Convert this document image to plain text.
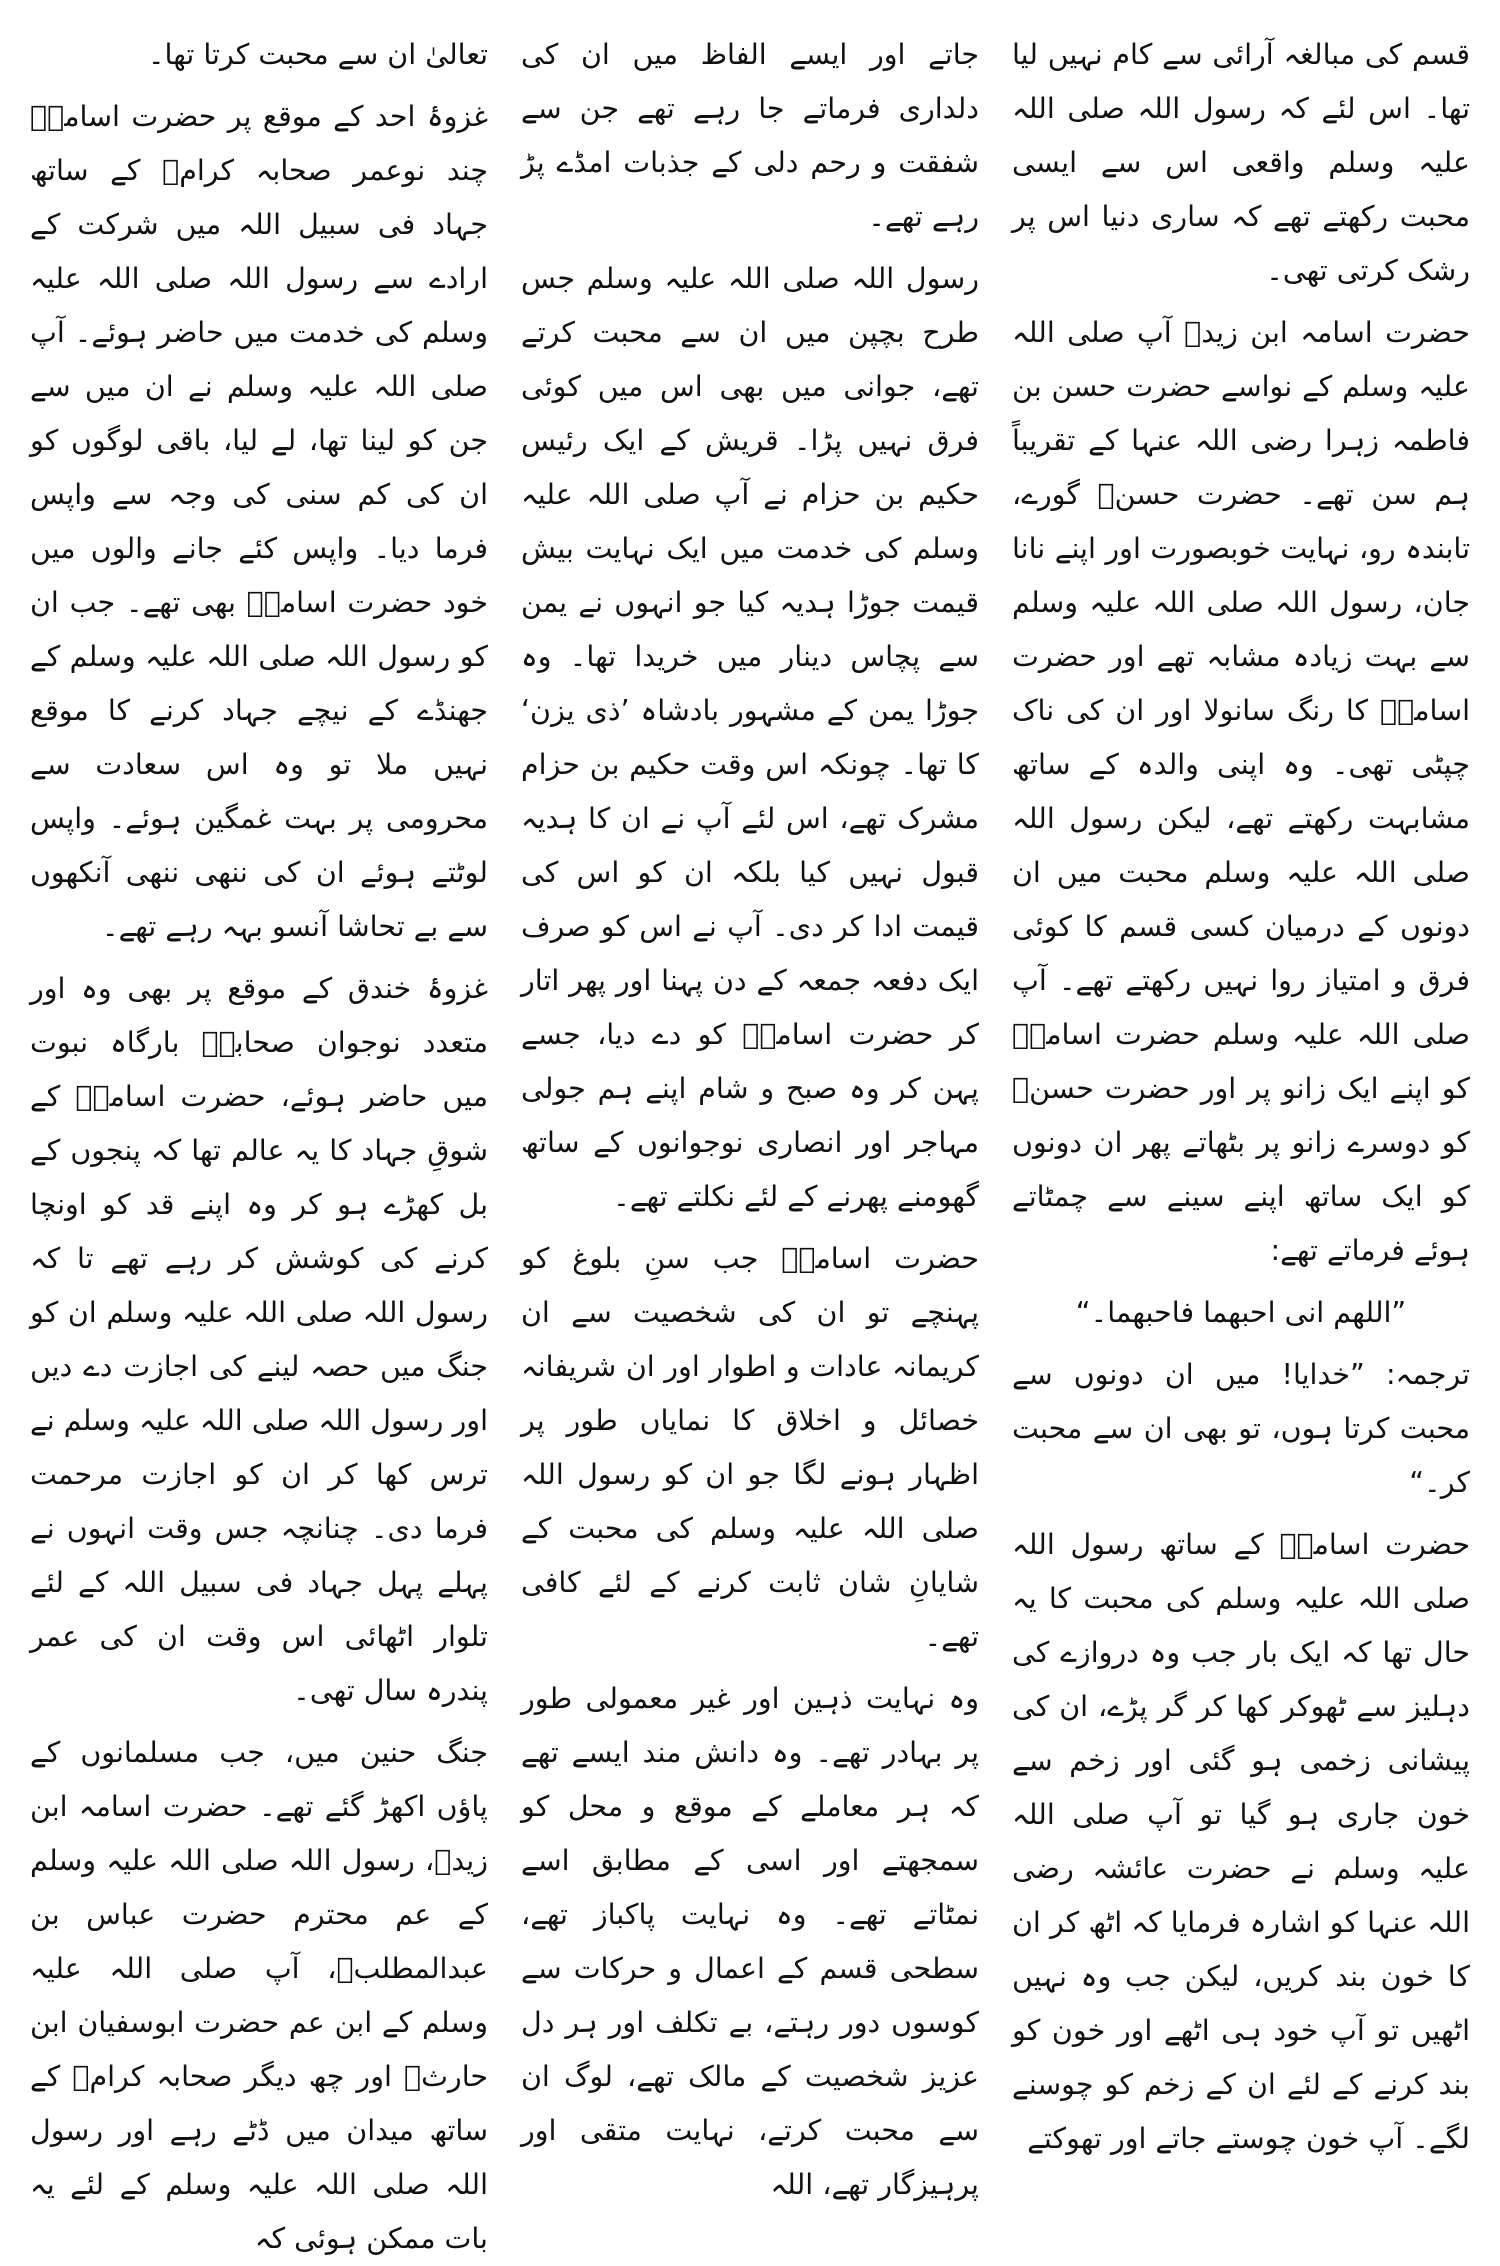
قسم کی مبالغہ آرائی سے کام نہیں لیا تھا۔ اس لئے کہ رسول اللہ صلی اللہ علیہ وسلم واقعی اس سے ایسی محبت رکھتے تھے کہ ساری دنیا اس پر رشک کرتی تھی۔

حضرت اسامہ ابن زیدؓ آپ صلی اللہ علیہ وسلم کے نواسے حضرت حسن بن فاطمہ زہرا رضی اللہ عنہا کے تقریباً ہم سن تھے۔ حضرت حسنؓ گورے، تابندہ رو، نہایت خوبصورت اور اپنے نانا جان، رسول اللہ صلی اللہ علیہ وسلم سے بہت زیادہ مشابہ تھے اور حضرت اسامہؓ کا رنگ سانولا اور ان کی ناک چپٹی تھی۔ وہ اپنی والدہ کے ساتھ مشابہت رکھتے تھے، لیکن رسول اللہ صلی اللہ علیہ وسلم محبت میں ان دونوں کے درمیان کسی قسم کا کوئی فرق و امتیاز روا نہیں رکھتے تھے۔ آپ صلی اللہ علیہ وسلم حضرت اسامہؓ کو اپنے ایک زانو پر اور حضرت حسنؓ کو دوسرے زانو پر بٹھاتے پھر ان دونوں کو ایک ساتھ اپنے سینے سے چمٹاتے ہوئے فرماتے تھے:

”اللھم انی احبھما فاحبھما۔“

ترجمہ: ”خدایا! میں ان دونوں سے محبت کرتا ہوں، تو بھی ان سے محبت کر۔“

حضرت اسامہؓ کے ساتھ رسول اللہ صلی اللہ علیہ وسلم کی محبت کا یہ حال تھا کہ ایک بار جب وہ دروازے کی دہلیز سے ٹھوکر کھا کر گر پڑے، ان کی پیشانی زخمی ہو گئی اور زخم سے خون جاری ہو گیا تو آپ صلی اللہ علیہ وسلم نے حضرت عائشہ رضی اللہ عنہا کو اشارہ فرمایا کہ اٹھ کر ان کا خون بند کریں، لیکن جب وہ نہیں اٹھیں تو آپ خود ہی اٹھے اور خون کو بند کرنے کے لئے ان کے زخم کو چوسنے لگے۔ آپ خون چوستے جاتے اور تھوکتے

جاتے اور ایسے الفاظ میں ان کی دلداری فرماتے جا رہے تھے جن سے شفقت و رحم دلی کے جذبات امڈے پڑ رہے تھے۔

رسول اللہ صلی اللہ علیہ وسلم جس طرح بچپن میں ان سے محبت کرتے تھے، جوانی میں بھی اس میں کوئی فرق نہیں پڑا۔ قریش کے ایک رئیس حکیم بن حزام نے آپ صلی اللہ علیہ وسلم کی خدمت میں ایک نہایت بیش قیمت جوڑا ہدیہ کیا جو انہوں نے یمن سے پچاس دینار میں خریدا تھا۔ وہ جوڑا یمن کے مشہور بادشاہ ’ذی یزن‘ کا تھا۔ چونکہ اس وقت حکیم بن حزام مشرک تھے، اس لئے آپ نے ان کا ہدیہ قبول نہیں کیا بلکہ ان کو اس کی قیمت ادا کر دی۔ آپ نے اس کو صرف ایک دفعہ جمعہ کے دن پہنا اور پھر اتار کر حضرت اسامہؓ کو دے دیا، جسے پہن کر وہ صبح و شام اپنے ہم جولی مہاجر اور انصاری نوجوانوں کے ساتھ گھومنے پھرنے کے لئے نکلتے تھے۔

حضرت اسامہؓ جب سنِ بلوغ کو پہنچے تو ان کی شخصیت سے ان کریمانہ عادات و اطوار اور ان شریفانہ خصائل و اخلاق کا نمایاں طور پر اظہار ہونے لگا جو ان کو رسول اللہ صلی اللہ علیہ وسلم کی محبت کے شایانِ شان ثابت کرنے کے لئے کافی تھے۔

وہ نہایت ذہین اور غیر معمولی طور پر بہادر تھے۔ وہ دانش مند ایسے تھے کہ ہر معاملے کے موقع و محل کو سمجھتے اور اسی کے مطابق اسے نمٹاتے تھے۔ وہ نہایت پاکباز تھے، سطحی قسم کے اعمال و حرکات سے کوسوں دور رہتے، بے تکلف اور ہر دل عزیز شخصیت کے مالک تھے، لوگ ان سے محبت کرتے، نہایت متقی اور پرہیزگار تھے، اللہ

تعالیٰ ان سے محبت کرتا تھا۔

غزوۂ احد کے موقع پر حضرت اسامہؓ چند نوعمر صحابہ کرامؓ کے ساتھ جہاد فی سبیل اللہ میں شرکت کے ارادے سے رسول اللہ صلی اللہ علیہ وسلم کی خدمت میں حاضر ہوئے۔ آپ صلی اللہ علیہ وسلم نے ان میں سے جن کو لینا تھا، لے لیا، باقی لوگوں کو ان کی کم سنی کی وجہ سے واپس فرما دیا۔ واپس کئے جانے والوں میں خود حضرت اسامہؓ بھی تھے۔ جب ان کو رسول اللہ صلی اللہ علیہ وسلم کے جھنڈے کے نیچے جہاد کرنے کا موقع نہیں ملا تو وہ اس سعادت سے محرومی پر بہت غمگین ہوئے۔ واپس لوٹتے ہوئے ان کی ننھی ننھی آنکھوں سے بے تحاشا آنسو بہہ رہے تھے۔

غزوۂ خندق کے موقع پر بھی وہ اور متعدد نوجوان صحابہؓ بارگاہ نبوت میں حاضر ہوئے، حضرت اسامہؓ کے شوقِ جہاد کا یہ عالم تھا کہ پنجوں کے بل کھڑے ہو کر وہ اپنے قد کو اونچا کرنے کی کوشش کر رہے تھے تا کہ رسول اللہ صلی اللہ علیہ وسلم ان کو جنگ میں حصہ لینے کی اجازت دے دیں اور رسول اللہ صلی اللہ علیہ وسلم نے ترس کھا کر ان کو اجازت مرحمت فرما دی۔ چنانچہ جس وقت انہوں نے پہلے پہل جہاد فی سبیل اللہ کے لئے تلوار اٹھائی اس وقت ان کی عمر پندرہ سال تھی۔

جنگ حنین میں، جب مسلمانوں کے پاؤں اکھڑ گئے تھے۔ حضرت اسامہ ابن زیدؓ، رسول اللہ صلی اللہ علیہ وسلم کے عم محترم حضرت عباس بن عبدالمطلبؓ، آپ صلی اللہ علیہ وسلم کے ابن عم حضرت ابوسفیان ابن حارثؓ اور چھ دیگر صحابہ کرامؓ کے ساتھ میدان میں ڈٹے رہے اور رسول اللہ صلی اللہ علیہ وسلم کے لئے یہ بات ممکن ہوئی کہ
